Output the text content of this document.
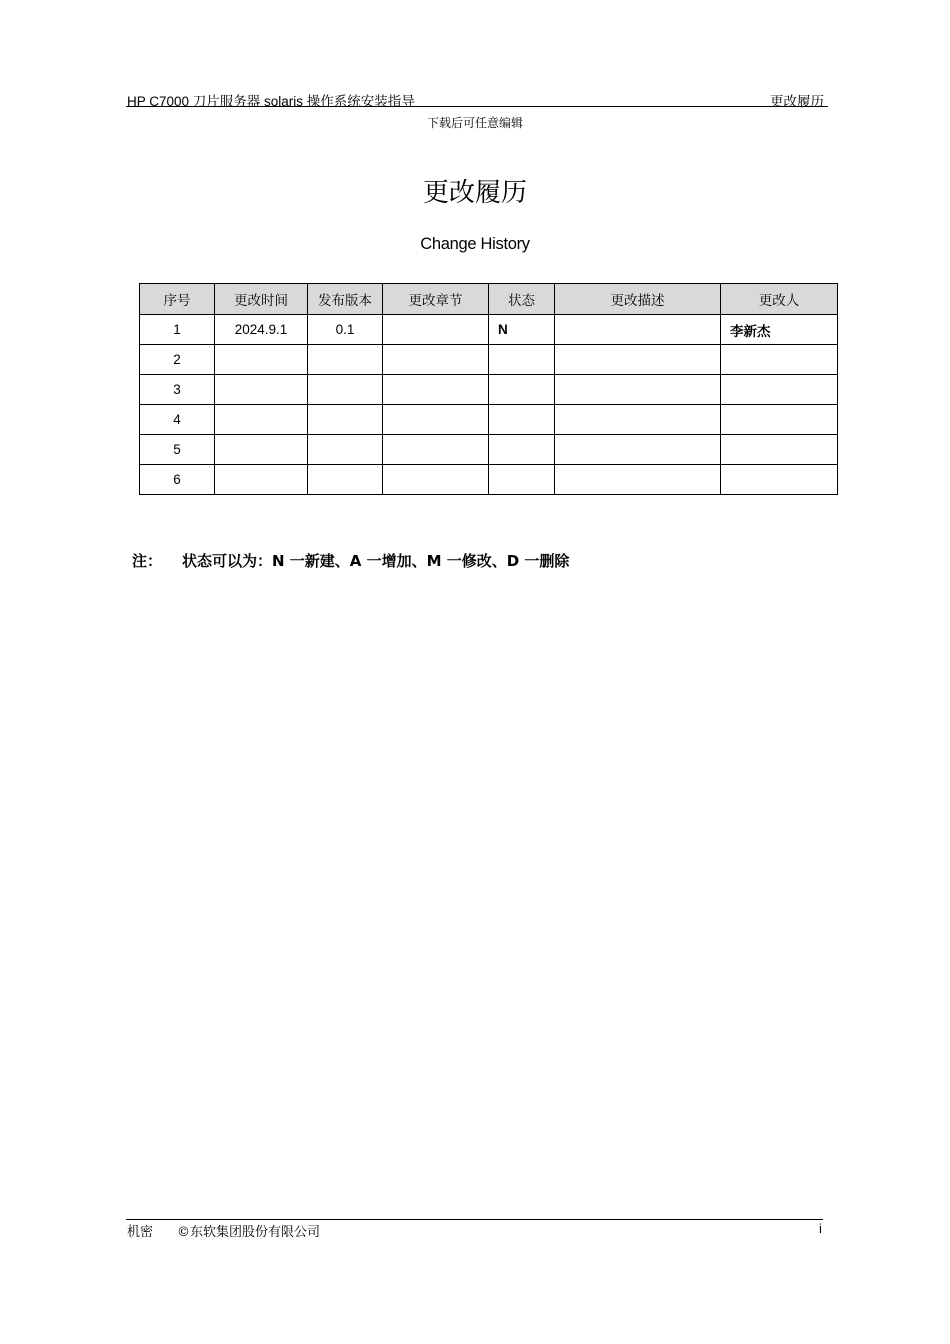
HP C7000 刀片服务器 solaris 操作系统安装指导	更改履历
下载后可任意编辑
更改履历
Change History
序号	更改时间	发布版本	更改章节	状态	更改描述	更改人
1	2024.9.1	0.1		N		李新杰
2						
3						
4						
5						
6						
注： 状态可以为：N 一新建、A 一增加、M 一修改、D 一删除
机密 ©东软集团股份有限公司	i
